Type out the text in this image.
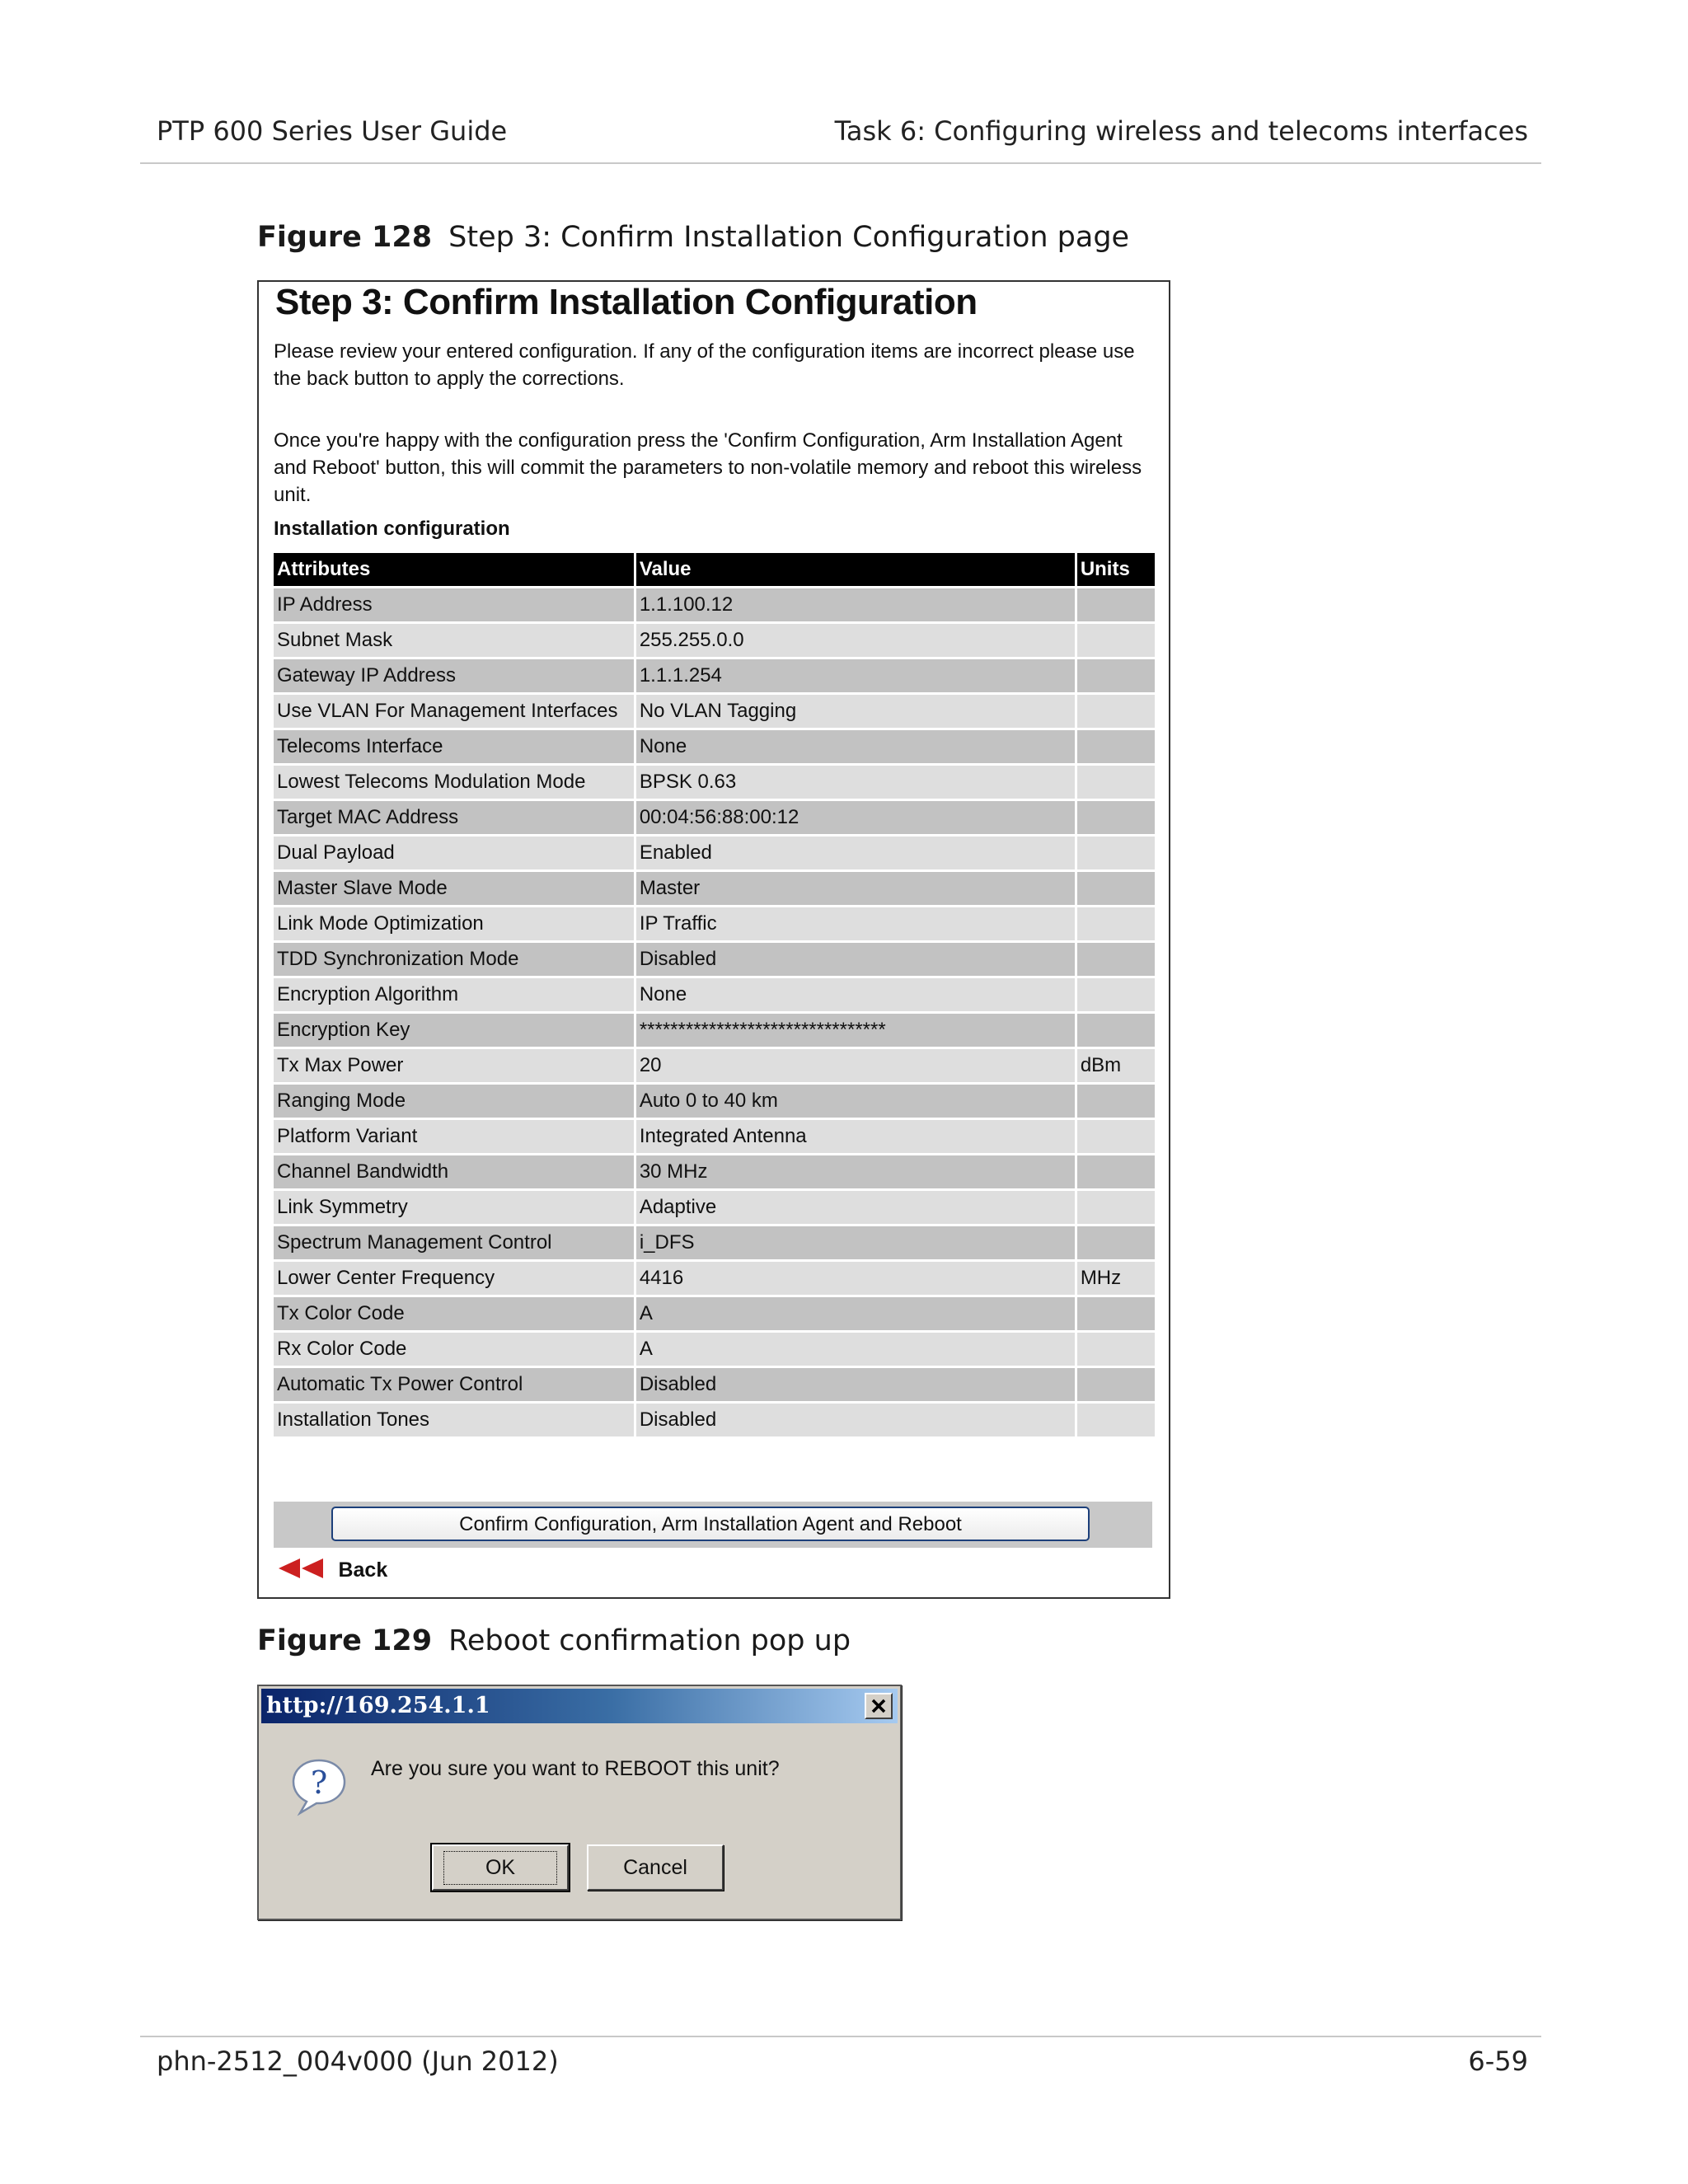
PTP 600 Series User Guide	Task 6: Configuring wireless and telecoms interfaces
Figure 128 Step 3: Confirm Installation Configuration page
Step 3: Confirm Installation Configuration

Please review your entered configuration. If any of the configuration items are incorrect please use the back button to apply the corrections.

Once you're happy with the configuration press the 'Confirm Configuration, Arm Installation Agent and Reboot' button, this will commit the parameters to non-volatile memory and reboot this wireless unit.

Installation configuration
Attributes	Value	Units
IP Address	1.1.100.12	
Subnet Mask	255.255.0.0	
Gateway IP Address	1.1.1.254	
Use VLAN For Management Interfaces	No VLAN Tagging	
Telecoms Interface	None	
Lowest Telecoms Modulation Mode	BPSK 0.63	
Target MAC Address	00:04:56:88:00:12	
Dual Payload	Enabled	
Master Slave Mode	Master	
Link Mode Optimization	IP Traffic	
TDD Synchronization Mode	Disabled	
Encryption Algorithm	None	
Encryption Key	********************************	
Tx Max Power	20	dBm
Ranging Mode	Auto 0 to 40 km	
Platform Variant	Integrated Antenna	
Channel Bandwidth	30 MHz	
Link Symmetry	Adaptive	
Spectrum Management Control	i_DFS	
Lower Center Frequency	4416	MHz
Tx Color Code	A	
Rx Color Code	A	
Automatic Tx Power Control	Disabled	
Installation Tones	Disabled	
Confirm Configuration, Arm Installation Agent and Reboot
Back
Figure 129 Reboot confirmation pop up
http://169.254.1.1
? Are you sure you want to REBOOT this unit?
OK	Cancel
phn-2512_004v000 (Jun 2012)	6-59
